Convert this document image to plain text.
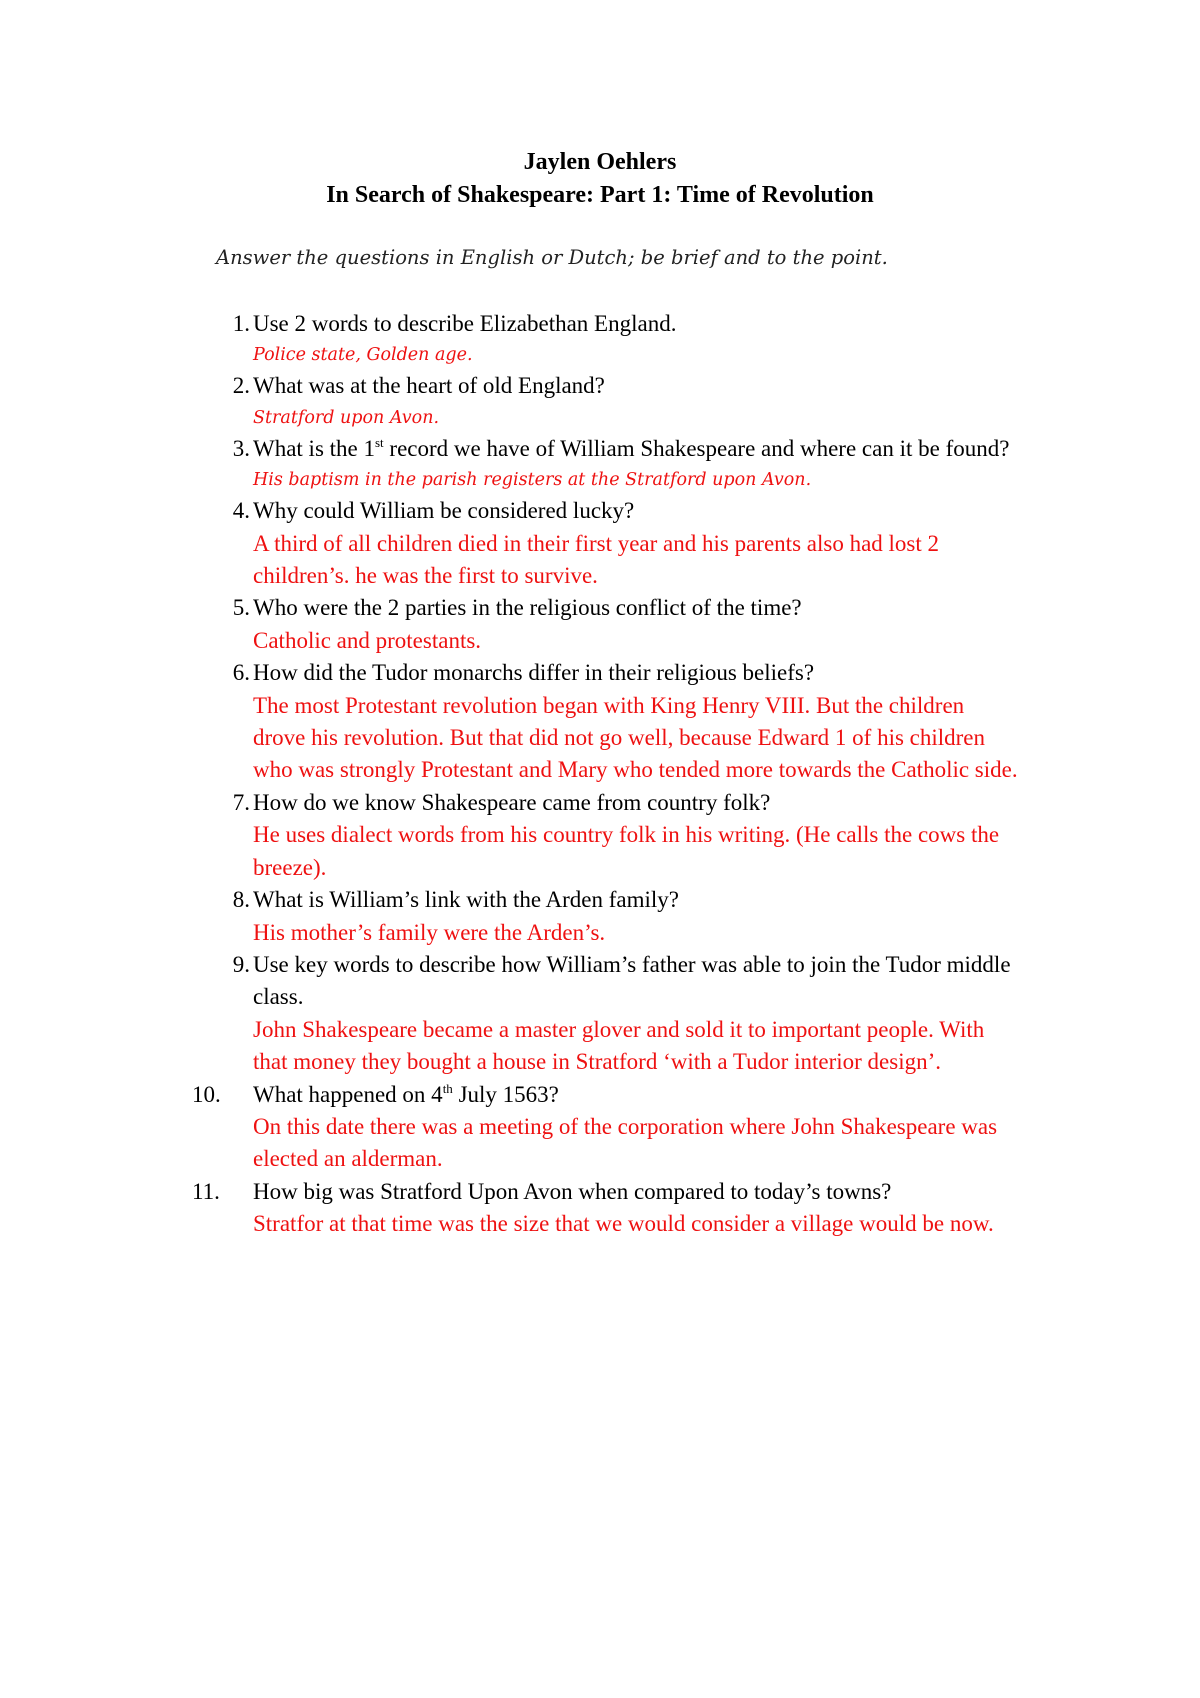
Jaylen Oehlers

In Search of Shakespeare: Part 1: Time of Revolution

Answer the questions in English or Dutch; be brief and to the point.
1. Use 2 words to describe Elizabethan England.
Police state, Golden age.
2. What was at the heart of old England?
Stratford upon Avon.
3. What is the 1st record we have of William Shakespeare and where can it be found?
His baptism in the parish registers at the Stratford upon Avon.
4. Why could William be considered lucky?
A third of all children died in their first year and his parents also had lost 2 children’s. he was the first to survive.
5. Who were the 2 parties in the religious conflict of the time?
Catholic and protestants.
6. How did the Tudor monarchs differ in their religious beliefs?
The most Protestant revolution began with King Henry VIII. But the children drove his revolution. But that did not go well, because Edward 1 of his children who was strongly Protestant and Mary who tended more towards the Catholic side.
7. How do we know Shakespeare came from country folk?
He uses dialect words from his country folk in his writing. (He calls the cows the breeze).
8. What is William’s link with the Arden family?
His mother’s family were the Arden’s.
9. Use key words to describe how William’s father was able to join the Tudor middle class.
John Shakespeare became a master glover and sold it to important people. With that money they bought a house in Stratford ‘with a Tudor interior design’.
10.	What happened on 4th July 1563?
On this date there was a meeting of the corporation where John Shakespeare was elected an alderman.
11.	How big was Stratford Upon Avon when compared to today’s towns?
Stratfor at that time was the size that we would consider a village would be now.
